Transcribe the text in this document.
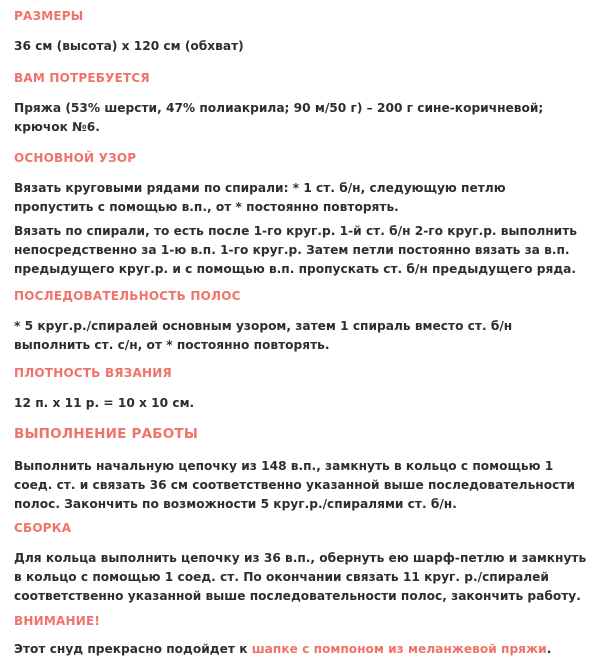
РАЗМЕРЫ

36 см (высота) х 120 см (обхват)

ВАМ ПОТРЕБУЕТСЯ

Пряжа (53% шерсти, 47% полиакрила; 90 м/50 г) – 200 г сине-коричневой; крючок №6.

ОСНОВНОЙ УЗОР

Вязать круговыми рядами по спирали: * 1 ст. б/н, следующую петлю пропустить с помощью в.п., от * постоянно повторять.

Вязать по спирали, то есть после 1-го круг.р. 1-й ст. б/н 2-го круг.р. выполнить непосредственно за 1-ю в.п. 1-го круг.р. Затем петли постоянно вязать за в.п. предыдущего круг.р. и с помощью в.п. пропускать ст. б/н предыдущего ряда.

ПОСЛЕДОВАТЕЛЬНОСТЬ ПОЛОС

* 5 круг.р./спиралей основным узором, затем 1 спираль вместо ст. б/н выполнить ст. с/н, от * постоянно повторять.

ПЛОТНОСТЬ ВЯЗАНИЯ

12 п. х 11 р. = 10 х 10 см.

ВЫПОЛНЕНИЕ РАБОТЫ

Выполнить начальную цепочку из 148 в.п., замкнуть в кольцо с помощью 1 соед. ст. и связать 36 см соответственно указанной выше последовательности полос. Закончить по возможности 5 круг.р./спиралями ст. б/н.

СБОРКА

Для кольца выполнить цепочку из 36 в.п., обернуть ею шарф-петлю и замкнуть в кольцо с помощью 1 соед. ст. По окончании связать 11 круг. р./спиралей соответственно указанной выше последовательности полос, закончить работу.

ВНИМАНИЕ!

Этот снуд прекрасно подойдет к шапке с помпоном из меланжевой пряжи.
